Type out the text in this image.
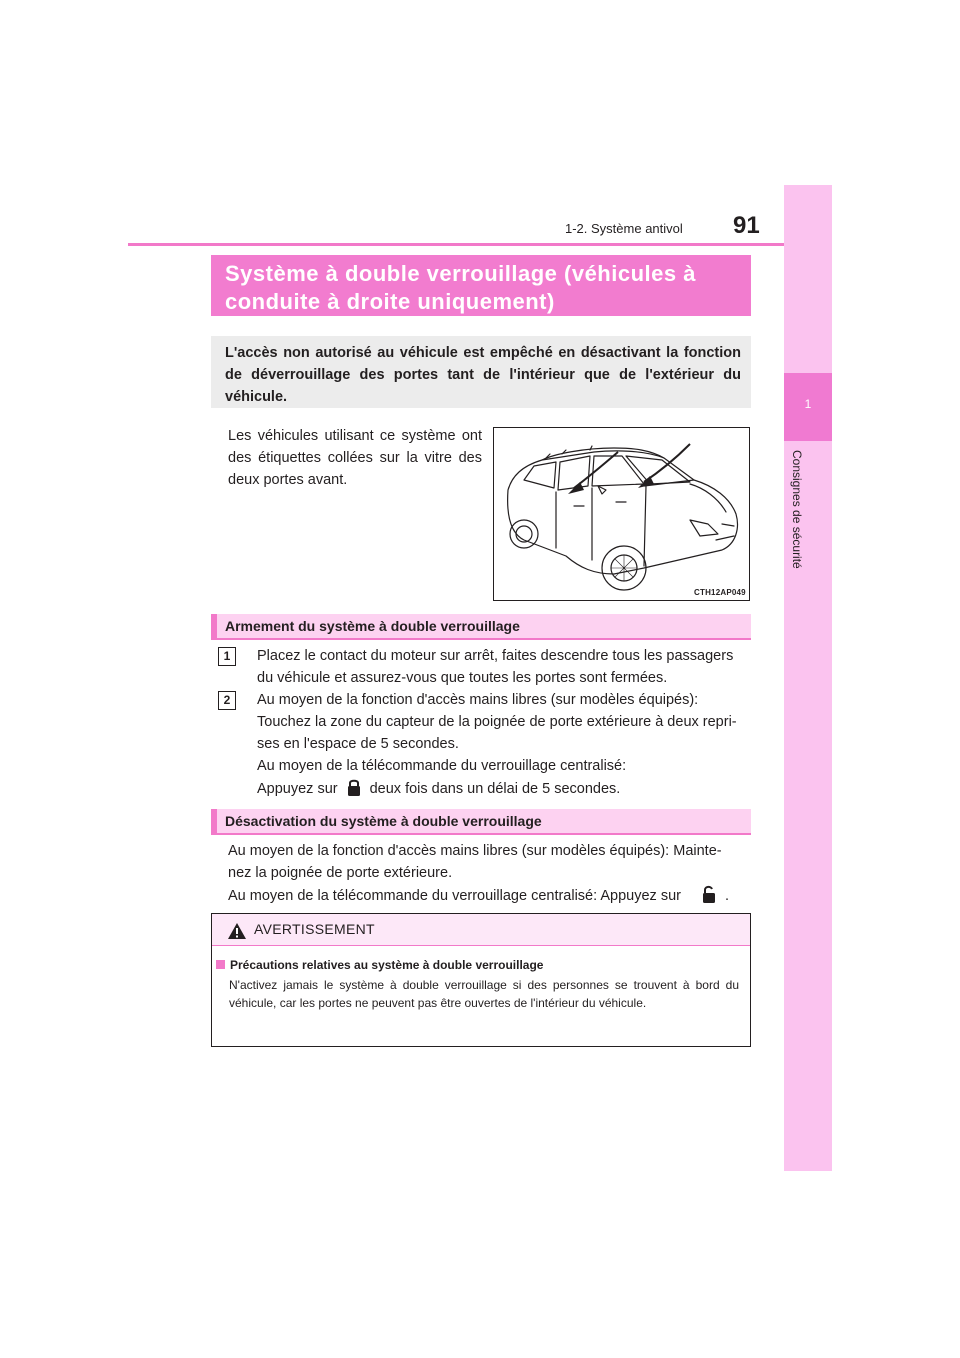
1-2. Système antivol 91
1
Consignes de sécurité
Système à double verrouillage (véhicules à
conduite à droite uniquement)
L'accès non autorisé au véhicule est empêché en désactivant la fonction de déverrouillage des portes tant de l'intérieur que de l'extérieur du véhicule.
Les véhicules utilisant ce système ont des étiquettes collées sur la vitre des deux portes avant.
CTH12AP049
Armement du système à double verrouillage
1	Placez le contact du moteur sur arrêt, faites descendre tous les passagers
du véhicule et assurez-vous que toutes les portes sont fermées.
2	Au moyen de la fonction d'accès mains libres (sur modèles équipés):
Touchez la zone du capteur de la poignée de porte extérieure à deux repri-
ses en l'espace de 5 secondes.
Au moyen de la télécommande du verrouillage centralisé:
Appuyez sur deux fois dans un délai de 5 secondes.
Désactivation du système à double verrouillage
Au moyen de la fonction d'accès mains libres (sur modèles équipés): Mainte-
nez la poignée de porte extérieure.
Au moyen de la télécommande du verrouillage centralisé: Appuyez sur	.
AVERTISSEMENT
Précautions relatives au système à double verrouillage
N'activez jamais le système à double verrouillage si des personnes se trouvent à bord du véhicule, car les portes ne peuvent pas être ouvertes de l'intérieur du véhicule.
